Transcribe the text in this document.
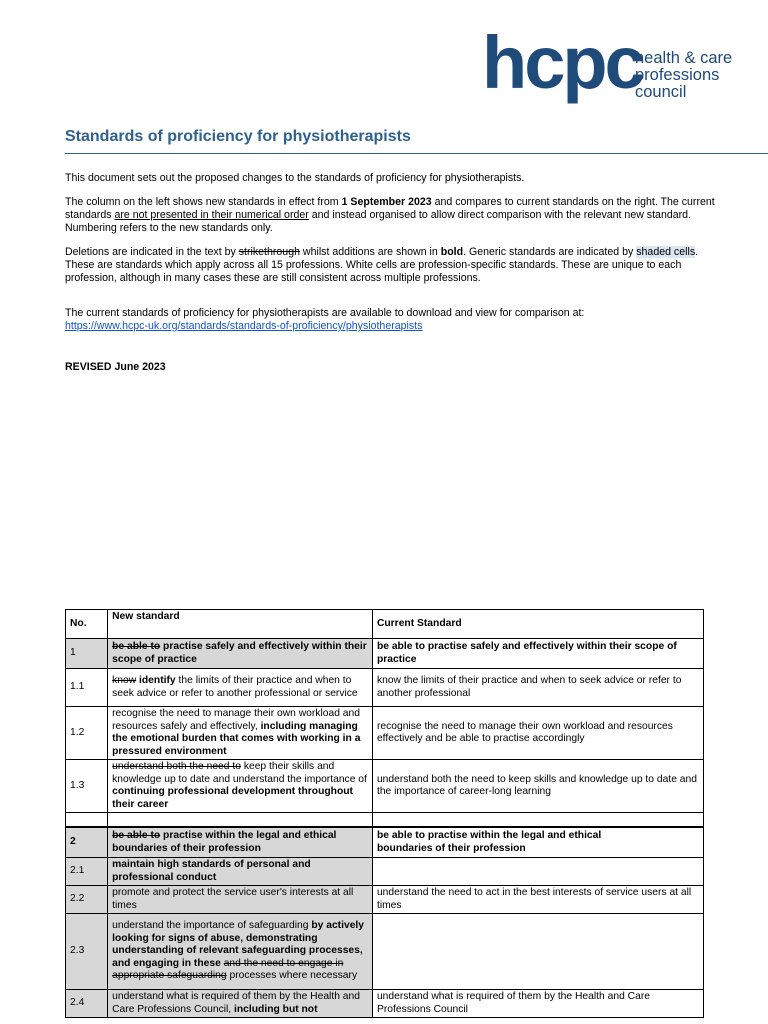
hcpc
health & care
professions
council
Standards of proficiency for physiotherapists

This document sets out the proposed changes to the standards of proficiency for physiotherapists.

The column on the left shows new standards in effect from 1 September 2023 and compares to current standards on the right. The current standards are not presented in their numerical order and instead organised to allow direct comparison with the relevant new standard. Numbering refers to the new standards only.

Deletions are indicated in the text by strikethrough whilst additions are shown in bold. Generic standards are indicated by shaded cells. These are standards which apply across all 15 professions. White cells are profession-specific standards. These are unique to each profession, although in many cases these are still consistent across multiple professions.

The current standards of proficiency for physiotherapists are available to download and view for comparison at:
https://www.hcpc-uk.org/standards/standards-of-proficiency/physiotherapists

REVISED June 2023
No.	New standard	Current Standard
1	be able to practise safely and effectively within their scope of practice	be able to practise safely and effectively within their scope of practice
1.1	know identify the limits of their practice and when to seek advice or refer to another professional or service	know the limits of their practice and when to seek advice or refer to another professional
1.2	recognise the need to manage their own workload and resources safely and effectively, including managing the emotional burden that comes with working in a pressured environment	recognise the need to manage their own workload and resources effectively and be able to practise accordingly
1.3	understand both the need to keep their skills and knowledge up to date and understand the importance of continuing professional development throughout their career	understand both the need to keep skills and knowledge up to date and the importance of career-long learning

2	be able to practise within the legal and ethical boundaries of their profession	be able to practise within the legal and ethical
boundaries of their profession
2.1	maintain high standards of personal and professional conduct	
2.2	promote and protect the service user's interests at all times	understand the need to act in the best interests of service users at all times
2.3	understand the importance of safeguarding by actively looking for signs of abuse, demonstrating understanding of relevant safeguarding processes, and engaging in these and the need to engage in appropriate safeguarding processes where necessary	
2.4	understand what is required of them by the Health and Care Professions Council, including but not	understand what is required of them by the Health and Care Professions Council
